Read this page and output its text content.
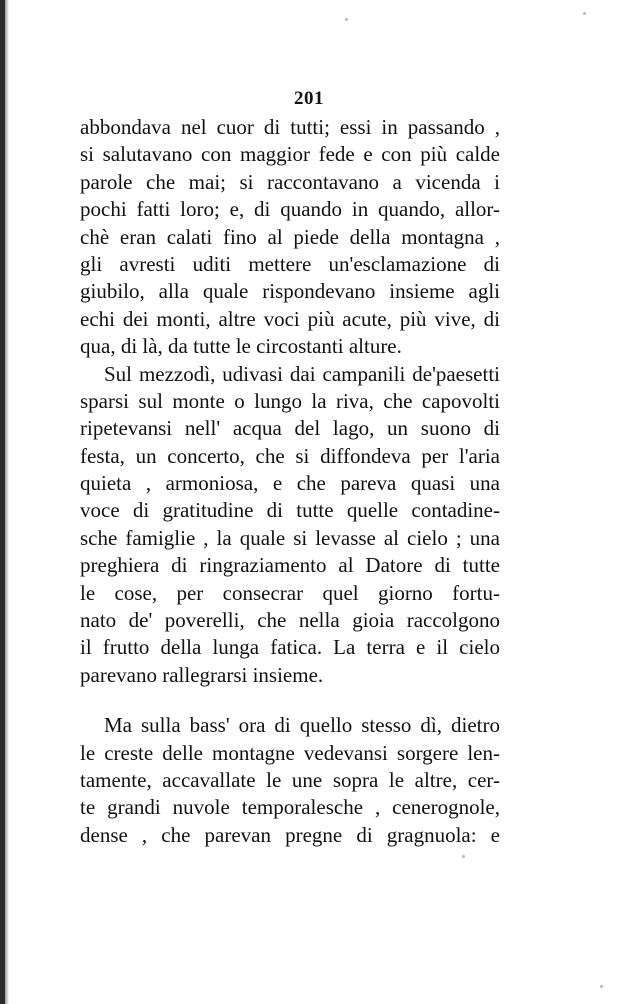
201
abbondava nel cuor di tutti; essi in passando ,
si salutavano con maggior fede e con più calde
parole che mai; si raccontavano a vicenda i
pochi fatti loro; e, di quando in quando, allor-
chè eran calati fino al piede della montagna ,
gli avresti uditi mettere un'esclamazione di
giubilo, alla quale rispondevano insieme agli
echi dei monti, altre voci più acute, più vive, di
qua, di là, da tutte le circostanti alture.
Sul mezzodì, udivasi dai campanili de'paesetti
sparsi sul monte o lungo la riva, che capovolti
ripetevansi nell' acqua del lago, un suono di
festa, un concerto, che si diffondeva per l'aria
quieta , armoniosa, e che pareva quasi una
voce di gratitudine di tutte quelle contadine-
sche famiglie , la quale si levasse al cielo ; una
preghiera di ringraziamento al Datore di tutte
le cose, per consecrar quel giorno fortu-
nato de' poverelli, che nella gioia raccolgono
il frutto della lunga fatica. La terra e il cielo
parevano rallegrarsi insieme.
Ma sulla bass' ora di quello stesso dì, dietro
le creste delle montagne vedevansi sorgere len-
tamente, accavallate le une sopra le altre, cer-
te grandi nuvole temporalesche , cenerognole,
dense , che parevan pregne di gragnuola: e
